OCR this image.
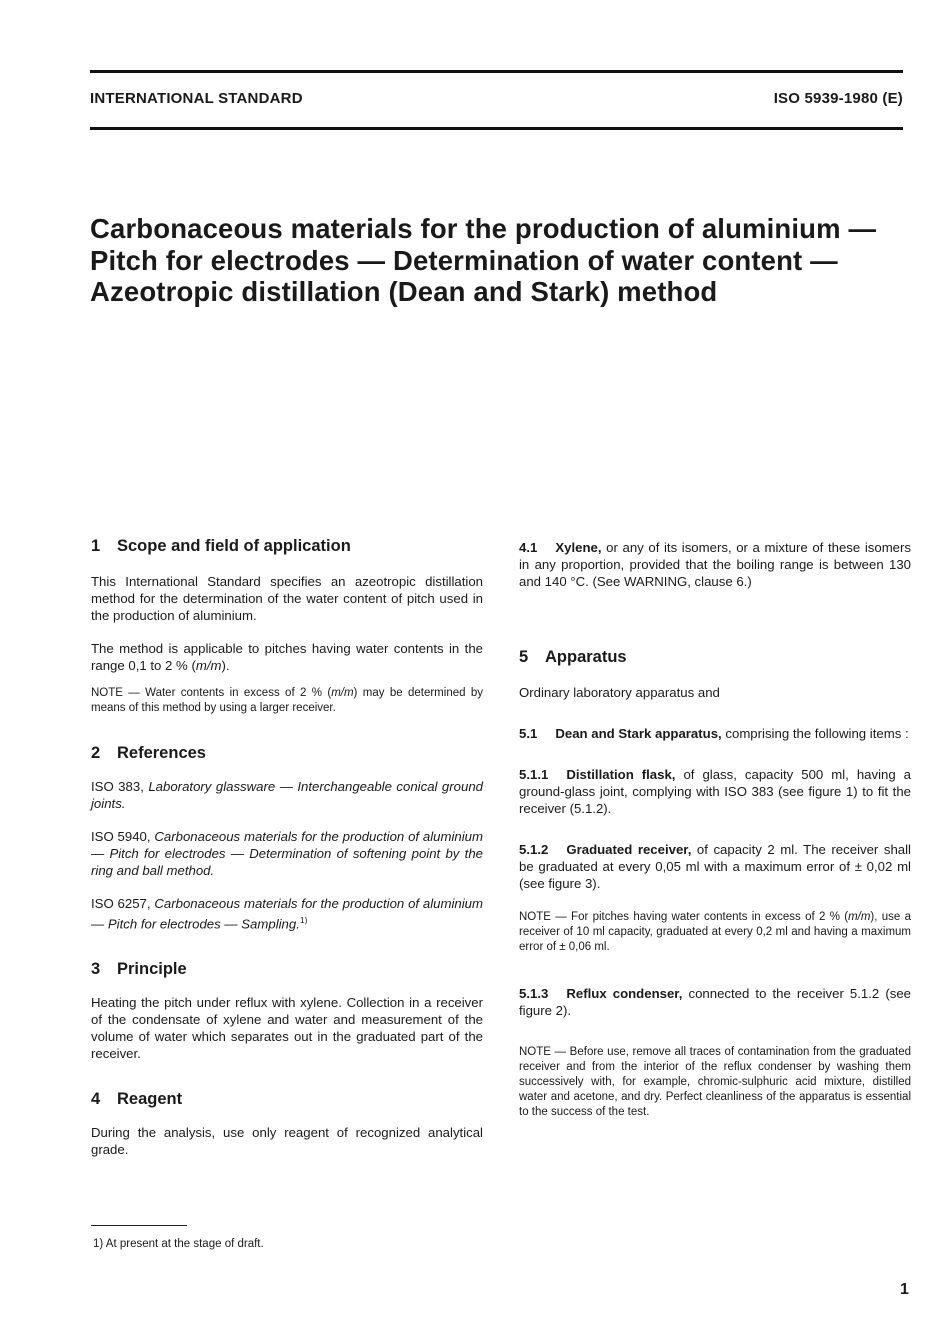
INTERNATIONAL STANDARD	ISO 5939-1980 (E)
Carbonaceous materials for the production of aluminium — Pitch for electrodes — Determination of water content — Azeotropic distillation (Dean and Stark) method
1 Scope and field of application

This International Standard specifies an azeotropic distillation method for the determination of the water content of pitch used in the production of aluminium.

The method is applicable to pitches having water contents in the range 0,1 to 2 % (m/m).

NOTE — Water contents in excess of 2 % (m/m) may be determined by means of this method by using a larger receiver.

2 References

ISO 383, Laboratory glassware — Interchangeable conical ground joints.

ISO 5940, Carbonaceous materials for the production of aluminium — Pitch for electrodes — Determination of softening point by the ring and ball method.

ISO 6257, Carbonaceous materials for the production of aluminium — Pitch for electrodes — Sampling.$^{1)}$

3 Principle

Heating the pitch under reflux with xylene. Collection in a receiver of the condensate of xylene and water and measurement of the volume of water which separates out in the graduated part of the receiver.

4 Reagent

During the analysis, use only reagent of recognized analytical grade.

4.1 Xylene, or any of its isomers, or a mixture of these isomers in any proportion, provided that the boiling range is between 130 and 140 °C. (See WARNING, clause 6.)

5 Apparatus

Ordinary laboratory apparatus and

5.1 Dean and Stark apparatus, comprising the following items :

5.1.1 Distillation flask, of glass, capacity 500 ml, having a ground-glass joint, complying with ISO 383 (see figure 1) to fit the receiver (5.1.2).

5.1.2 Graduated receiver, of capacity 2 ml. The receiver shall be graduated at every 0,05 ml with a maximum error of ± 0,02 ml (see figure 3).

NOTE — For pitches having water contents in excess of 2 % (m/m), use a receiver of 10 ml capacity, graduated at every 0,2 ml and having a maximum error of ± 0,06 ml.

5.1.3 Reflux condenser, connected to the receiver 5.1.2 (see figure 2).

NOTE — Before use, remove all traces of contamination from the graduated receiver and from the interior of the reflux condenser by washing them successively with, for example, chromic-sulphuric acid mixture, distilled water and acetone, and dry. Perfect cleanliness of the apparatus is essential to the success of the test.

1) At present at the stage of draft.
1
